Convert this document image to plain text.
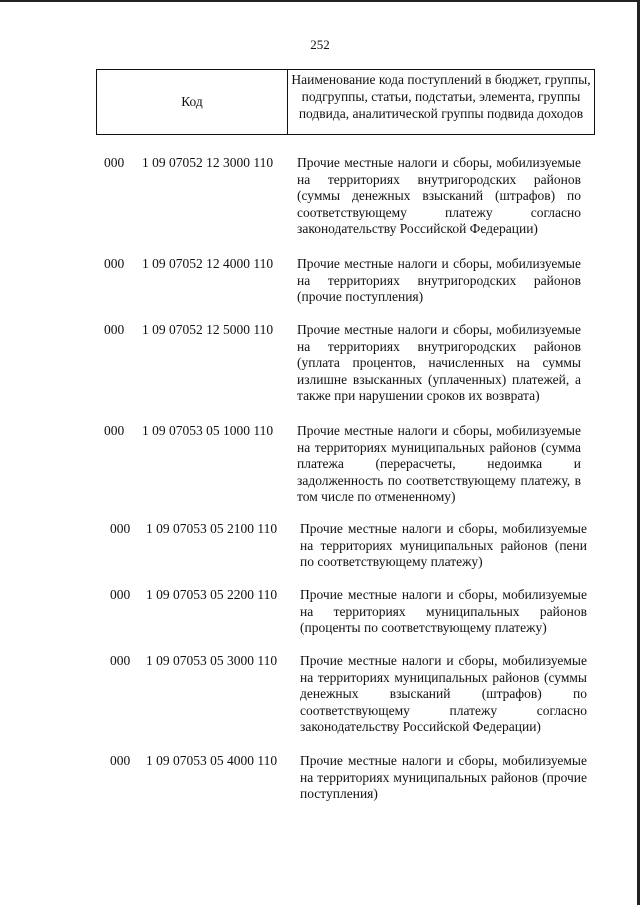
252
Код
Наименование кода поступлений в бюджет, группы, подгруппы, статьи, подстатьи, элемента, группы подвида, аналитической группы подвида доходов
000 1 09 07052 12 3000 110 Прочие местные налоги и сборы, мобилизуемые на территориях внутригородских районов (суммы денежных взысканий (штрафов) по соответствующему платежу согласно законодательству Российской Федерации)
000 1 09 07052 12 4000 110 Прочие местные налоги и сборы, мобилизуемые на территориях внутригородских районов (прочие поступления)
000 1 09 07052 12 5000 110 Прочие местные налоги и сборы, мобилизуемые на территориях внутригородских районов (уплата процентов, начисленных на суммы излишне взысканных (уплаченных) платежей, а также при нарушении сроков их возврата)
000 1 09 07053 05 1000 110 Прочие местные налоги и сборы, мобилизуемые на территориях муниципальных районов (сумма платежа (перерасчеты, недоимка и задолженность по соответствующему платежу, в том числе по отмененному)
000 1 09 07053 05 2100 110 Прочие местные налоги и сборы, мобилизуемые на территориях муниципальных районов (пени по соответствующему платежу)
000 1 09 07053 05 2200 110 Прочие местные налоги и сборы, мобилизуемые на территориях муниципальных районов (проценты по соответствующему платежу)
000 1 09 07053 05 3000 110 Прочие местные налоги и сборы, мобилизуемые на территориях муниципальных районов (суммы денежных взысканий (штрафов) по соответствующему платежу согласно законодательству Российской Федерации)
000 1 09 07053 05 4000 110 Прочие местные налоги и сборы, мобилизуемые на территориях муниципальных районов (прочие поступления)
